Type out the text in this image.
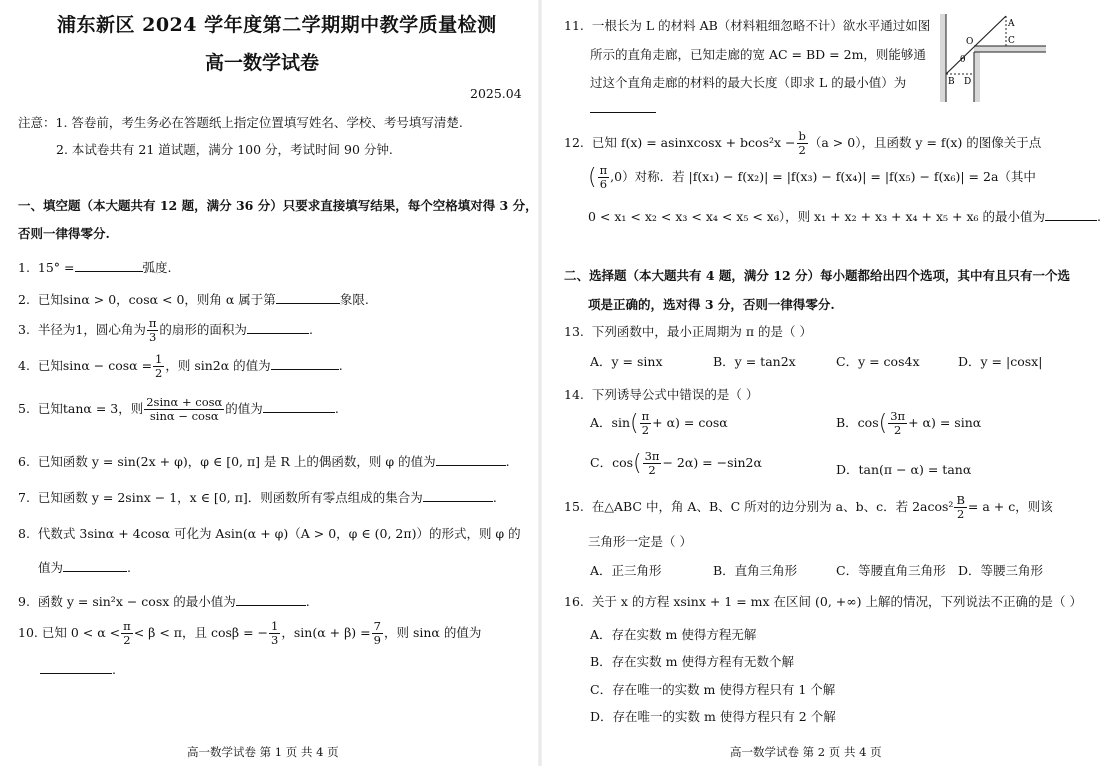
浦东新区 2024 学年度第二学期期中教学质量检测
高一数学试卷
2025.04
注意：1. 答卷前，考生务必在答题纸上指定位置填写姓名、学校、考号填写清楚.
2. 本试卷共有 21 道试题，满分 100 分，考试时间 90 分钟.
一、填空题（本大题共有 12 题，满分 36 分）只要求直接填写结果，每个空格填对得 3 分，
否则一律得零分.
1. 15° =	弧度.
2. 已知sinα > 0，cosα < 0，则角 α 属于第	象限.
3. 半径为1，圆心角为 $\frac{\pi}{3}$ 的扇形的面积为	.
4. 已知$\sin\alpha - \cos\alpha = \frac{1}{2}$ ，则 sin2α 的值为	.
5. 已知tanα = 3，则 $\frac{2\sin\alpha + \cos\alpha}{\sin\alpha - \cos\alpha}$ 的值为	.
6. 已知函数 y = sin(2x + φ)，φ ∈ [0, π] 是 R 上的偶函数，则 φ 的值为	.
7. 已知函数 y = 2sinx − 1，x ∈ [0, π]．则函数所有零点组成的集合为	.
8. 代数式 3sinα + 4cosα 可化为 Asin(α + φ)（A > 0，φ ∈ (0, 2π)）的形式，则 φ 的
值为	.
9. 函数 y = sin²x − cosx 的最小值为	.
10. 已知 $0 < \alpha < \frac{\pi}{2} < \beta < \pi$，且 cosβ = − $\frac{1}{3}$ ，$\sin(\alpha + \beta) = \frac{7}{9}$ ，则 sinα 的值为
.
高一数学试卷 第 1 页 共 4 页
11. 一根长为 L 的材料 AB（材料粗细忽略不计）欲水平通过如图
所示的直角走廊，已知走廊的宽 AC = BD = 2m，则能够通
过这个直角走廊的材料的最大长度（即求 L 的最小值）为
A
C
O
θ
B D
12. 已知 f(x) = asinxcosx + $bcos^2x - \frac{b}{2} (a > 0)$，且函数 y = f(x) 的图像关于点
( $\frac{\pi}{6} ,0$）对称．若 |f(x₁) − f(x₂)| = |f(x₃) − f(x₄)| = |f(x₅) − f(x₆)| = 2a（其中
0 < x₁ < x₂ < x₃ < x₄ < x₅ < x₆），则 x₁ + x₂ + x₃ + x₄ + x₅ + x₆ 的最小值为	.
二、选择题（本大题共有 4 题，满分 12 分）每小题都给出四个选项，其中有且只有一个选
项是正确的，选对得 3 分，否则一律得零分.
13. 下列函数中，最小正周期为 π 的是（ ）
A．y = sinx	B．y = tan2x	C．y = cos4x	D．y = |cosx|
14. 下列诱导公式中错误的是（ ）
A．$\sin( \frac{\pi}{2} + \alpha) = \cos\alpha$	B．$\cos( \frac{3\pi}{2} + \alpha) = \sin\alpha$
C．$\cos( \frac{3\pi}{2} - 2\alpha) = -\sin 2\alpha$	D．tan(π − α) = tanα
15. 在△ABC 中，角 A、B、C 所对的边分别为 a、b、c．若 $2acos^2 \frac{B}{2} = a + c$，则该
三角形一定是（ ）
A．正三角形	B．直角三角形	C．等腰直角三角形 D．等腰三角形
16. 关于 x 的方程 xsinx + 1 = mx 在区间 (0, +∞) 上解的情况，下列说法不正确的是（ ）
A．存在实数 m 使得方程无解
B．存在实数 m 使得方程有无数个解
C．存在唯一的实数 m 使得方程只有 1 个解
D．存在唯一的实数 m 使得方程只有 2 个解
高一数学试卷 第 2 页 共 4 页
